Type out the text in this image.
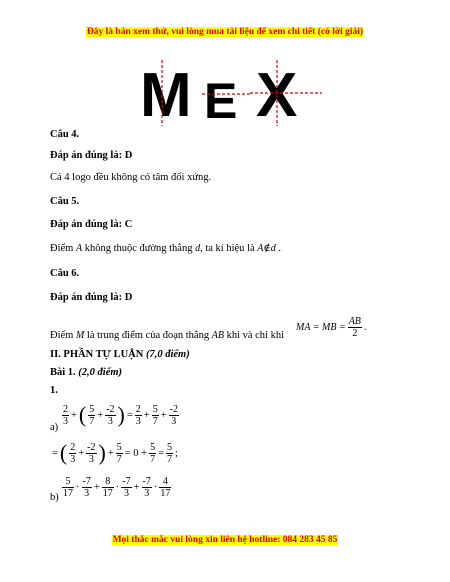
Đây là bản xem thử, vui lòng mua tài liệu để xem chi tiết (có lời giải)
M E X
Câu 4.
Đáp án đúng là: D
Cả 4 logo đều không có tâm đối xứng.
Câu 5.
Đáp án đúng là: C
Điểm A không thuộc đường thẳng d, ta kí hiệu là A∉d .
Câu 6.
Đáp án đúng là: D
Điểm M là trung điểm của đoạn thẳng AB khi và chỉ khi
MA = MB = $\frac{AB}{2}$ .
II. PHẦN TỰ LUẬN (7,0 điểm)
Bài 1. (2,0 điểm)
1.
$\frac{2}{3}$ + ( $\frac{5}{7} + \frac{-2}{3}$ ) = $\frac{2}{3} + \frac{5}{7} + \frac{-2}{3}$
a)
= ( $\frac{2}{3} + \frac{-2}{3}$ ) + $\frac{5}{7} = 0 + \frac{5}{7} = \frac{5}{7}$ ;
$\frac{5}{17} \cdot \frac{-7}{3} + \frac{8}{17} \cdot \frac{-7}{3} + \frac{-7}{3} \cdot \frac{4}{17}$
b)
Mọi thắc mắc vui lòng xin liên hệ hotline: 084 283 45 85
